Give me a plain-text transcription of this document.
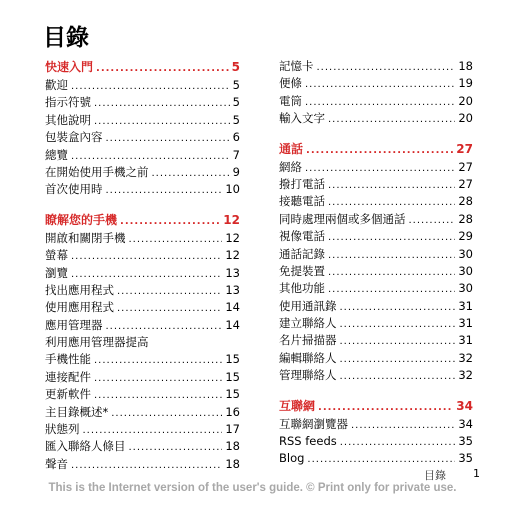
目錄
快速入門 .....	5
歡迎 .....	5
指示符號 .....	5
其他說明 .....	5
包裝盒內容 .....	6
總覽 .....	7
在開始使用手機之前 .....	9
首次使用時 .....	10
瞭解您的手機 .....	12
開啟和關閉手機 .....	12
螢幕 .....	12
瀏覽 .....	13
找出應用程式 .....	13
使用應用程式 .....	14
應用管理器 .....	14
利用應用管理器提高
手機性能 .....	15
連接配件 .....	15
更新軟件 .....	15
主目錄概述* .....	16
狀態列 .....	17
匯入聯絡人條目 .....	18
聲音 .....	18
記憶卡 .....	18
便條 .....	19
電筒 .....	20
輸入文字 .....	20
通話 .....	27
網絡 .....	27
撥打電話 .....	27
接聽電話 .....	28
同時處理兩個或多個通話 .....	28
視像電話 .....	29
通話記錄 .....	30
免提裝置 .....	30
其他功能 .....	30
使用通訊錄 .....	31
建立聯絡人 .....	31
名片掃描器 .....	31
編輯聯絡人 .....	32
管理聯絡人 .....	32
互聯網 .....	34
互聯網瀏覽器 .....	34
RSS feeds .....	35
Blog .....	35
目錄 1
This is the Internet version of the user's guide. © Print only for private use.
